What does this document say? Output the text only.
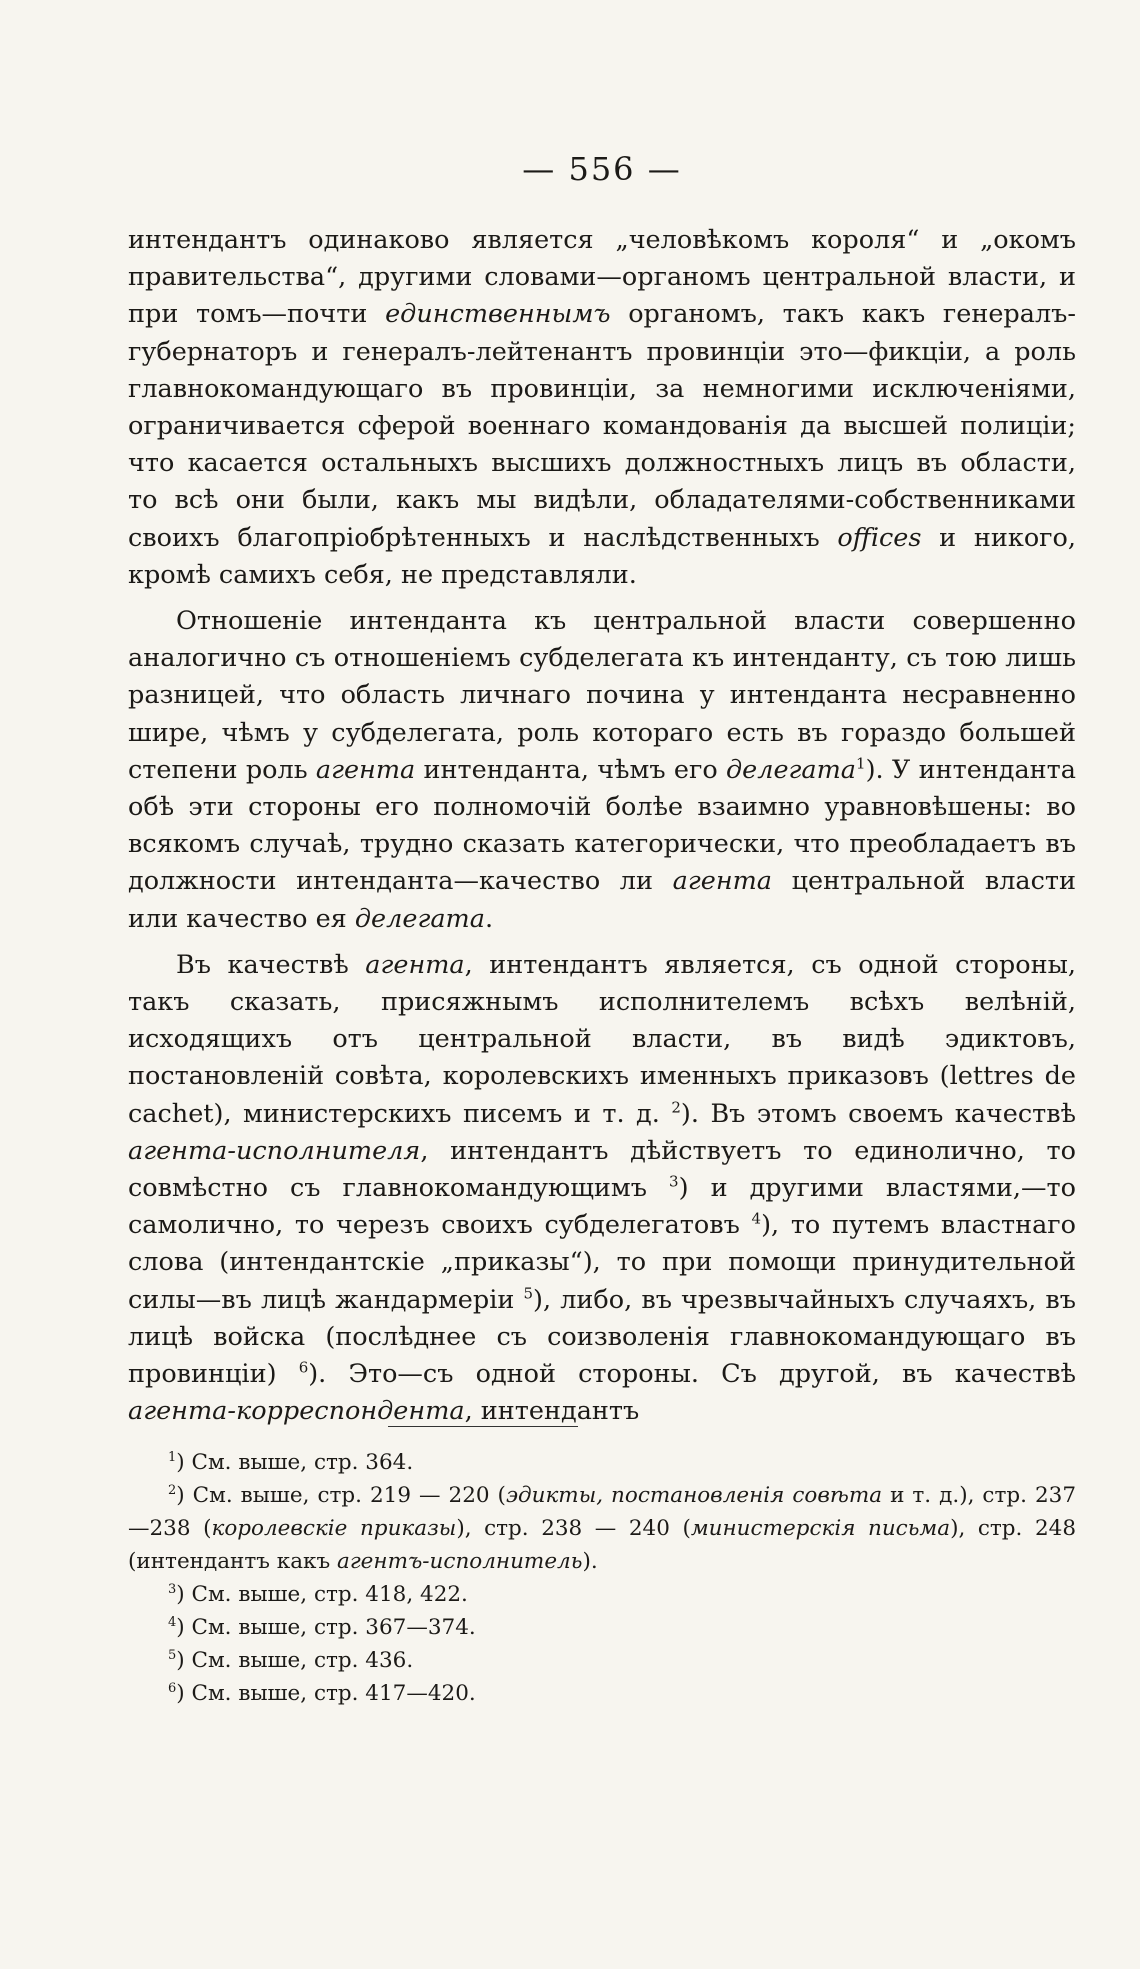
— 556 —

интендантъ одинаково является „человѣкомъ короля“ и „окомъ правительства“, другими словами—органомъ центральной власти, и при томъ—почти единственнымъ органомъ, такъ какъ генералъ-губернаторъ и генералъ-лейтенантъ провинціи это—фикціи, а роль главнокомандующаго въ провинціи, за немногими исключеніями, ограничивается сферой военнаго командованія да высшей полиціи; что касается остальныхъ высшихъ должностныхъ лицъ въ области, то всѣ они были, какъ мы видѣли, обладателями-собственниками своихъ благопріобрѣтенныхъ и наслѣдственныхъ offices и никого, кромѣ самихъ себя, не представляли.

Отношеніе интенданта къ центральной власти совершенно аналогично съ отношеніемъ субделегата къ интенданту, съ тою лишь разницей, что область личнаго почина у интенданта несравненно шире, чѣмъ у субделегата, роль котораго есть въ гораздо большей степени роль агента интенданта, чѣмъ его делегата$^1$). У интенданта обѣ эти стороны его полномочій болѣе взаимно уравновѣшены: во всякомъ случаѣ, трудно сказать категорически, что преобладаетъ въ должности интенданта—качество ли агента центральной власти или качество ея делегата.

Въ качествѣ агента, интендантъ является, съ одной стороны, такъ сказать, присяжнымъ исполнителемъ всѣхъ велѣній, исходящихъ отъ центральной власти, въ видѣ эдиктовъ, постановленій совѣта, королевскихъ именныхъ приказовъ (lettres de cachet), министерскихъ писемъ и т. д. $^2$). Въ этомъ своемъ качествѣ агента-исполнителя, интендантъ дѣйствуетъ то единолично, то совмѣстно съ главнокомандующимъ $^3$) и другими властями,—то самолично, то черезъ своихъ субделегатовъ $^4$), то путемъ властнаго слова (интендантскіе „приказы“), то при помощи принудительной силы—въ лицѣ жандармеріи $^5$), либо, въ чрезвычайныхъ случаяхъ, въ лицѣ войска (послѣднее съ соизволенія главнокомандующаго въ провинціи) $^6$). Это—съ одной стороны. Съ другой, въ качествѣ агента-корреспондента, интендантъ

$^1$) См. выше, стр. 364.

$^2$) См. выше, стр. 219 — 220 (эдикты, постановленія совѣта и т. д.), стр. 237—238 (королевскіе приказы), стр. 238 — 240 (министерскія письма), стр. 248 (интендантъ какъ агентъ-исполнитель).

$^3$) См. выше, стр. 418, 422.

$^4$) См. выше, стр. 367—374.

$^5$) См. выше, стр. 436.

$^6$) См. выше, стр. 417—420.
